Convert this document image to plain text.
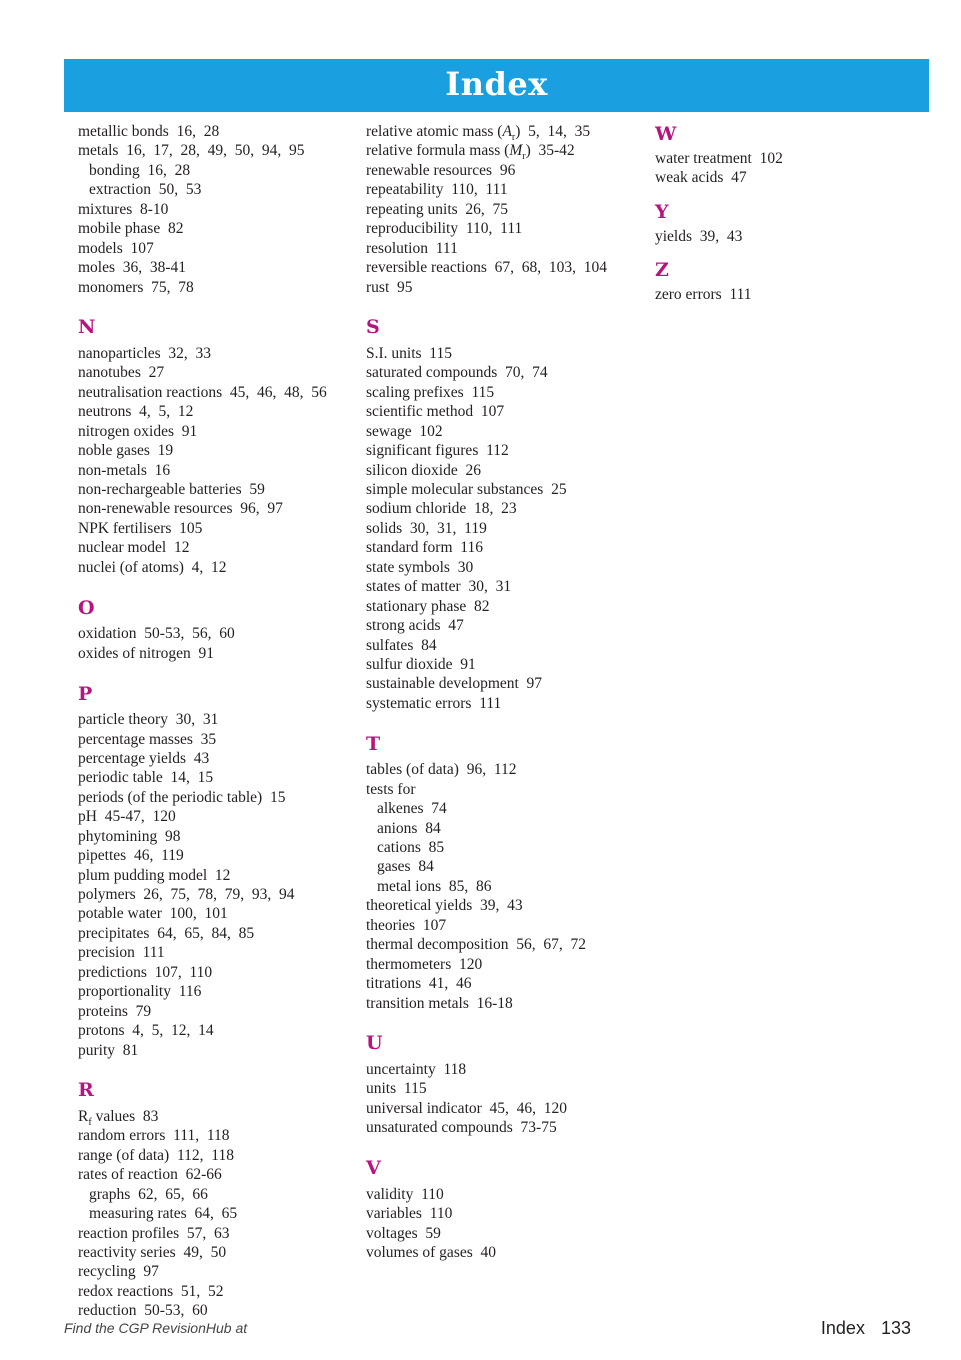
Index
metallic bonds  16,  28
metals  16,  17,  28,  49,  50,  94,  95
bonding  16,  28
extraction  50,  53
mixtures  8-10
mobile phase  82
models  107
moles  36,  38-41
monomers  75,  78
N
nanoparticles  32,  33
nanotubes  27
neutralisation reactions  45,  46,  48,  56
neutrons  4,  5,  12
nitrogen oxides  91
noble gases  19
non-metals  16
non-rechargeable batteries  59
non-renewable resources  96,  97
NPK fertilisers  105
nuclear model  12
nuclei (of atoms)  4,  12
O
oxidation  50-53,  56,  60
oxides of nitrogen  91
P
particle theory  30,  31
percentage masses  35
percentage yields  43
periodic table  14,  15
periods (of the periodic table)  15
pH  45-47,  120
phytomining  98
pipettes  46,  119
plum pudding model  12
polymers  26,  75,  78,  79,  93,  94
potable water  100,  101
precipitates  64,  65,  84,  85
precision  111
predictions  107,  110
proportionality  116
proteins  79
protons  4,  5,  12,  14
purity  81
R
$R_f$ values  83
random errors  111,  118
range (of data)  112,  118
rates of reaction  62-66
graphs  62,  65,  66
measuring rates  64,  65
reaction profiles  57,  63
reactivity series  49,  50
recycling  97
redox reactions  51,  52
reduction  50-53,  60
relative atomic mass $(A_r)$  5,  14,  35
relative formula mass $(M_r)$  35-42
renewable resources  96
repeatability  110,  111
repeating units  26,  75
reproducibility  110,  111
resolution  111
reversible reactions  67,  68,  103,  104
rust  95
S
S.I. units  115
saturated compounds  70,  74
scaling prefixes  115
scientific method  107
sewage  102
significant figures  112
silicon dioxide  26
simple molecular substances  25
sodium chloride  18,  23
solids  30,  31,  119
standard form  116
state symbols  30
states of matter  30,  31
stationary phase  82
strong acids  47
sulfates  84
sulfur dioxide  91
sustainable development  97
systematic errors  111
T
tables (of data)  96,  112
tests for
alkenes  74
anions  84
cations  85
gases  84
metal ions  85,  86
theoretical yields  39,  43
theories  107
thermal decomposition  56,  67,  72
thermometers  120
titrations  41,  46
transition metals  16-18
U
uncertainty  118
units  115
universal indicator  45,  46,  120
unsaturated compounds  73-75
V
validity  110
variables  110
voltages  59
volumes of gases  40
W
water treatment  102
weak acids  47
Y
yields  39,  43
Z
zero errors  111
Find the CGP RevisionHub at	Index 133
